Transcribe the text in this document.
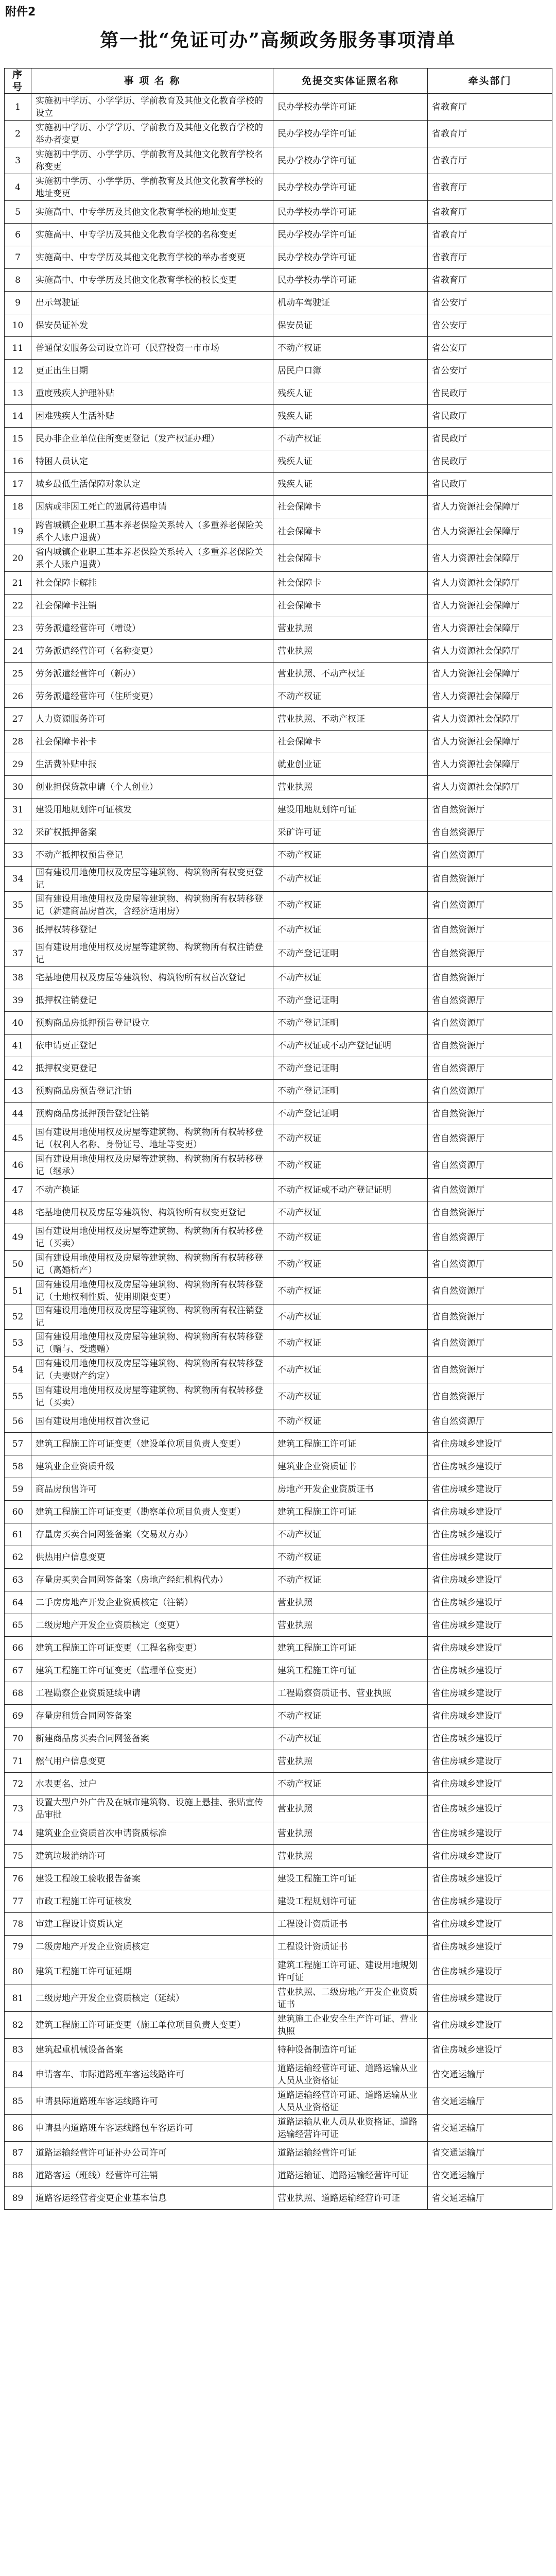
附件2
第一批“免证可办”高频政务服务事项清单
序号	事 项 名 称	免提交实体证照名称	牵头部门
1	实施初中学历、小学学历、学前教育及其他文化教育学校的设立	民办学校办学许可证	省教育厅
2	实施初中学历、小学学历、学前教育及其他文化教育学校的举办者变更	民办学校办学许可证	省教育厅
3	实施初中学历、小学学历、学前教育及其他文化教育学校名称变更	民办学校办学许可证	省教育厅
4	实施初中学历、小学学历、学前教育及其他文化教育学校的地址变更	民办学校办学许可证	省教育厅
5	实施高中、中专学历及其他文化教育学校的地址变更	民办学校办学许可证	省教育厅
6	实施高中、中专学历及其他文化教育学校的名称变更	民办学校办学许可证	省教育厅
7	实施高中、中专学历及其他文化教育学校的举办者变更	民办学校办学许可证	省教育厅
8	实施高中、中专学历及其他文化教育学校的校长变更	民办学校办学许可证	省教育厅
9	出示驾驶证	机动车驾驶证	省公安厅
10	保安员证补发	保安员证	省公安厅
11	普通保安服务公司设立许可（民营投资一市市场	不动产权证	省公安厅
12	更正出生日期	居民户口簿	省公安厅
13	重度残疾人护理补贴	残疾人证	省民政厅
14	困难残疾人生活补贴	残疾人证	省民政厅
15	民办非企业单位住所变更登记（发产权证办理）	不动产权证	省民政厅
16	特困人员认定	残疾人证	省民政厅
17	城乡最低生活保障对象认定	残疾人证	省民政厅
18	因病或非因工死亡的遗属待遇申请	社会保障卡	省人力资源社会保障厅
19	跨省城镇企业职工基本养老保险关系转入（多重养老保险关系个人账户退费）	社会保障卡	省人力资源社会保障厅
20	省内城镇企业职工基本养老保险关系转入（多重养老保险关系个人账户退费）	社会保障卡	省人力资源社会保障厅
21	社会保障卡解挂	社会保障卡	省人力资源社会保障厅
22	社会保障卡注销	社会保障卡	省人力资源社会保障厅
23	劳务派遣经营许可（增设）	营业执照	省人力资源社会保障厅
24	劳务派遣经营许可（名称变更）	营业执照	省人力资源社会保障厅
25	劳务派遣经营许可（新办）	营业执照、不动产权证	省人力资源社会保障厅
26	劳务派遣经营许可（住所变更）	不动产权证	省人力资源社会保障厅
27	人力资源服务许可	营业执照、不动产权证	省人力资源社会保障厅
28	社会保障卡补卡	社会保障卡	省人力资源社会保障厅
29	生活费补贴申报	就业创业证	省人力资源社会保障厅
30	创业担保贷款申请（个人创业）	营业执照	省人力资源社会保障厅
31	建设用地规划许可证核发	建设用地规划许可证	省自然资源厅
32	采矿权抵押备案	采矿许可证	省自然资源厅
33	不动产抵押权预告登记	不动产权证	省自然资源厅
34	国有建设用地使用权及房屋等建筑物、构筑物所有权变更登记	不动产权证	省自然资源厅
35	国有建设用地使用权及房屋等建筑物、构筑物所有权转移登记（新建商品房首次，含经济适用房）	不动产权证	省自然资源厅
36	抵押权转移登记	不动产权证	省自然资源厅
37	国有建设用地使用权及房屋等建筑物、构筑物所有权注销登记	不动产登记证明	省自然资源厅
38	宅基地使用权及房屋等建筑物、构筑物所有权首次登记	不动产权证	省自然资源厅
39	抵押权注销登记	不动产登记证明	省自然资源厅
40	预购商品房抵押预告登记设立	不动产登记证明	省自然资源厅
41	依申请更正登记	不动产权证或不动产登记证明	省自然资源厅
42	抵押权变更登记	不动产登记证明	省自然资源厅
43	预购商品房预告登记注销	不动产登记证明	省自然资源厅
44	预购商品房抵押预告登记注销	不动产登记证明	省自然资源厅
45	国有建设用地使用权及房屋等建筑物、构筑物所有权转移登记（权利人名称、身份证号、地址等变更）	不动产权证	省自然资源厅
46	国有建设用地使用权及房屋等建筑物、构筑物所有权转移登记（继承）	不动产权证	省自然资源厅
47	不动产换证	不动产权证或不动产登记证明	省自然资源厅
48	宅基地使用权及房屋等建筑物、构筑物所有权变更登记	不动产权证	省自然资源厅
49	国有建设用地使用权及房屋等建筑物、构筑物所有权转移登记（买卖）	不动产权证	省自然资源厅
50	国有建设用地使用权及房屋等建筑物、构筑物所有权转移登记（离婚析产）	不动产权证	省自然资源厅
51	国有建设用地使用权及房屋等建筑物、构筑物所有权转移登记（土地权利性质、使用期限变更）	不动产权证	省自然资源厅
52	国有建设用地使用权及房屋等建筑物、构筑物所有权注销登记	不动产权证	省自然资源厅
53	国有建设用地使用权及房屋等建筑物、构筑物所有权转移登记（赠与、受遗赠）	不动产权证	省自然资源厅
54	国有建设用地使用权及房屋等建筑物、构筑物所有权转移登记（夫妻财产约定）	不动产权证	省自然资源厅
55	国有建设用地使用权及房屋等建筑物、构筑物所有权转移登记（买卖）	不动产权证	省自然资源厅
56	国有建设用地使用权首次登记	不动产权证	省自然资源厅
57	建筑工程施工许可证变更（建设单位项目负责人变更）	建筑工程施工许可证	省住房城乡建设厅
58	建筑业企业资质升级	建筑业企业资质证书	省住房城乡建设厅
59	商品房预售许可	房地产开发企业资质证书	省住房城乡建设厅
60	建筑工程施工许可证变更（勘察单位项目负责人变更）	建筑工程施工许可证	省住房城乡建设厅
61	存量房买卖合同网签备案（交易双方办）	不动产权证	省住房城乡建设厅
62	供热用户信息变更	不动产权证	省住房城乡建设厅
63	存量房买卖合同网签备案（房地产经纪机构代办）	不动产权证	省住房城乡建设厅
64	二手房房地产开发企业资质核定（注销）	营业执照	省住房城乡建设厅
65	二级房地产开发企业资质核定（变更）	营业执照	省住房城乡建设厅
66	建筑工程施工许可证变更（工程名称变更）	建筑工程施工许可证	省住房城乡建设厅
67	建筑工程施工许可证变更（监理单位变更）	建筑工程施工许可证	省住房城乡建设厅
68	工程勘察企业资质延续申请	工程勘察资质证书、营业执照	省住房城乡建设厅
69	存量房租赁合同网签备案	不动产权证	省住房城乡建设厅
70	新建商品房买卖合同网签备案	不动产权证	省住房城乡建设厅
71	燃气用户信息变更	营业执照	省住房城乡建设厅
72	水表更名、过户	不动产权证	省住房城乡建设厅
73	设置大型户外广告及在城市建筑物、设施上悬挂、张贴宣传品审批	营业执照	省住房城乡建设厅
74	建筑业企业资质首次申请资质标准	营业执照	省住房城乡建设厅
75	建筑垃圾消纳许可	营业执照	省住房城乡建设厅
76	建设工程竣工验收报告备案	建设工程施工许可证	省住房城乡建设厅
77	市政工程施工许可证核发	建设工程规划许可证	省住房城乡建设厅
78	审建工程设计资质认定	工程设计资质证书	省住房城乡建设厅
79	二级房地产开发企业资质核定	工程设计资质证书	省住房城乡建设厅
80	建筑工程施工许可证延期	建筑工程施工许可证、建设用地规划许可证	省住房城乡建设厅
81	二级房地产开发企业资质核定（延续）	营业执照、二级房地产开发企业资质证书	省住房城乡建设厅
82	建筑工程施工许可证变更（施工单位项目负责人变更）	建筑施工企业安全生产许可证、营业执照	省住房城乡建设厅
83	建筑起重机械设备备案	特种设备制造许可证	省住房城乡建设厅
84	申请客车、市际道路班车客运线路许可	道路运输经营许可证、道路运输从业人员从业资格证	省交通运输厅
85	申请县际道路班车客运线路许可	道路运输经营许可证、道路运输从业人员从业资格证	省交通运输厅
86	申请县内道路班车客运线路包车客运许可	道路运输从业人员从业资格证、道路运输经营许可证	省交通运输厅
87	道路运输经营许可证补办公司许可	道路运输经营许可证	省交通运输厅
88	道路客运（班线）经营许可注销	道路运输证、道路运输经营许可证	省交通运输厅
89	道路客运经营者变更企业基本信息	营业执照、道路运输经营许可证	省交通运输厅
